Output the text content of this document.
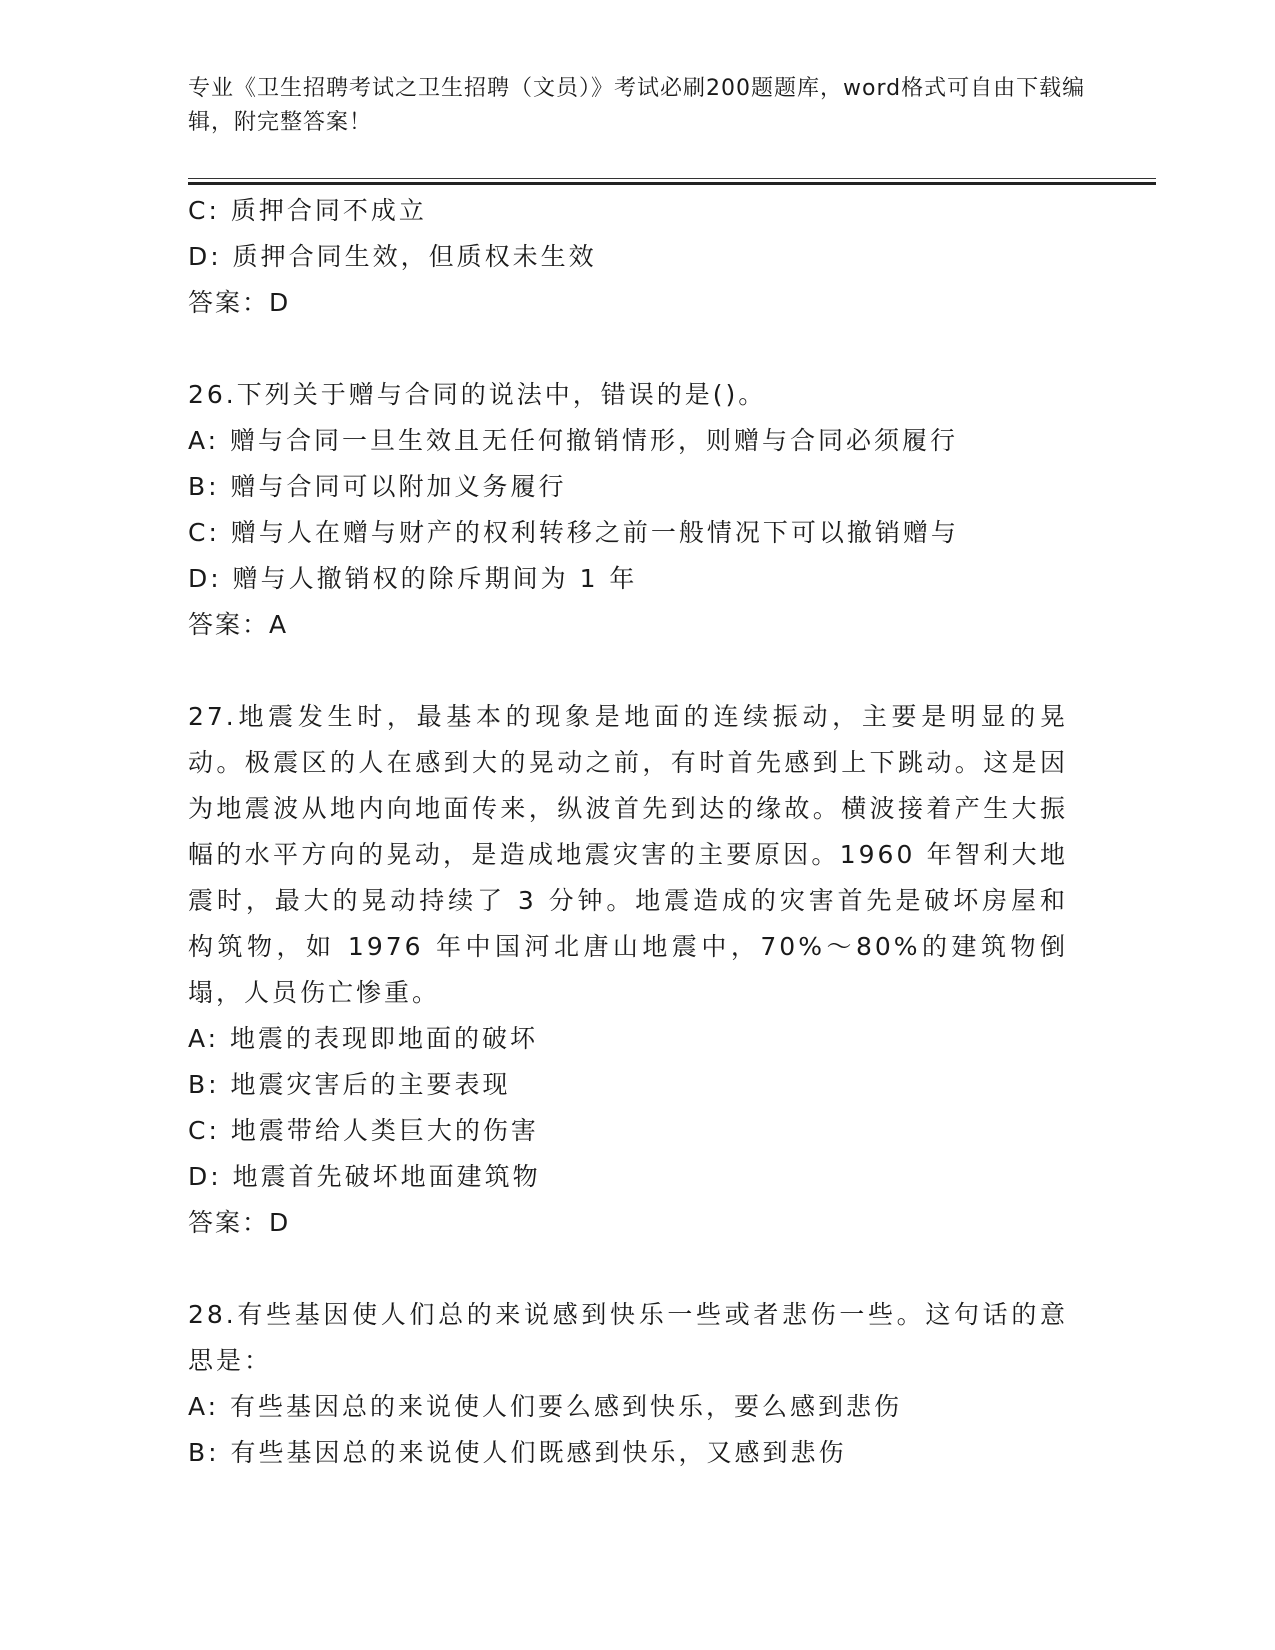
专业《卫生招聘考试之卫生招聘（文员）》考试必刷200题题库，word格式可自由下载编辑，附完整答案！
C: 质押合同不成立
D: 质押合同生效，但质权未生效
答案：D
26.下列关于赠与合同的说法中，错误的是()。
A: 赠与合同一旦生效且无任何撤销情形，则赠与合同必须履行
B: 赠与合同可以附加义务履行
C: 赠与人在赠与财产的权利转移之前一般情况下可以撤销赠与
D: 赠与人撤销权的除斥期间为 1 年
答案：A
27.地震发生时，最基本的现象是地面的连续振动，主要是明显的晃动。极震区的人在感到大的晃动之前，有时首先感到上下跳动。这是因为地震波从地内向地面传来，纵波首先到达的缘故。横波接着产生大振幅的水平方向的晃动，是造成地震灾害的主要原因。1960 年智利大地震时，最大的晃动持续了 3 分钟。地震造成的灾害首先是破坏房屋和构筑物，如 1976 年中国河北唐山地震中，70%～80%的建筑物倒塌，人员伤亡惨重。
A: 地震的表现即地面的破坏
B: 地震灾害后的主要表现
C: 地震带给人类巨大的伤害
D: 地震首先破坏地面建筑物
答案：D
28.有些基因使人们总的来说感到快乐一些或者悲伤一些。这句话的意思是：
A: 有些基因总的来说使人们要么感到快乐，要么感到悲伤
B: 有些基因总的来说使人们既感到快乐，又感到悲伤
